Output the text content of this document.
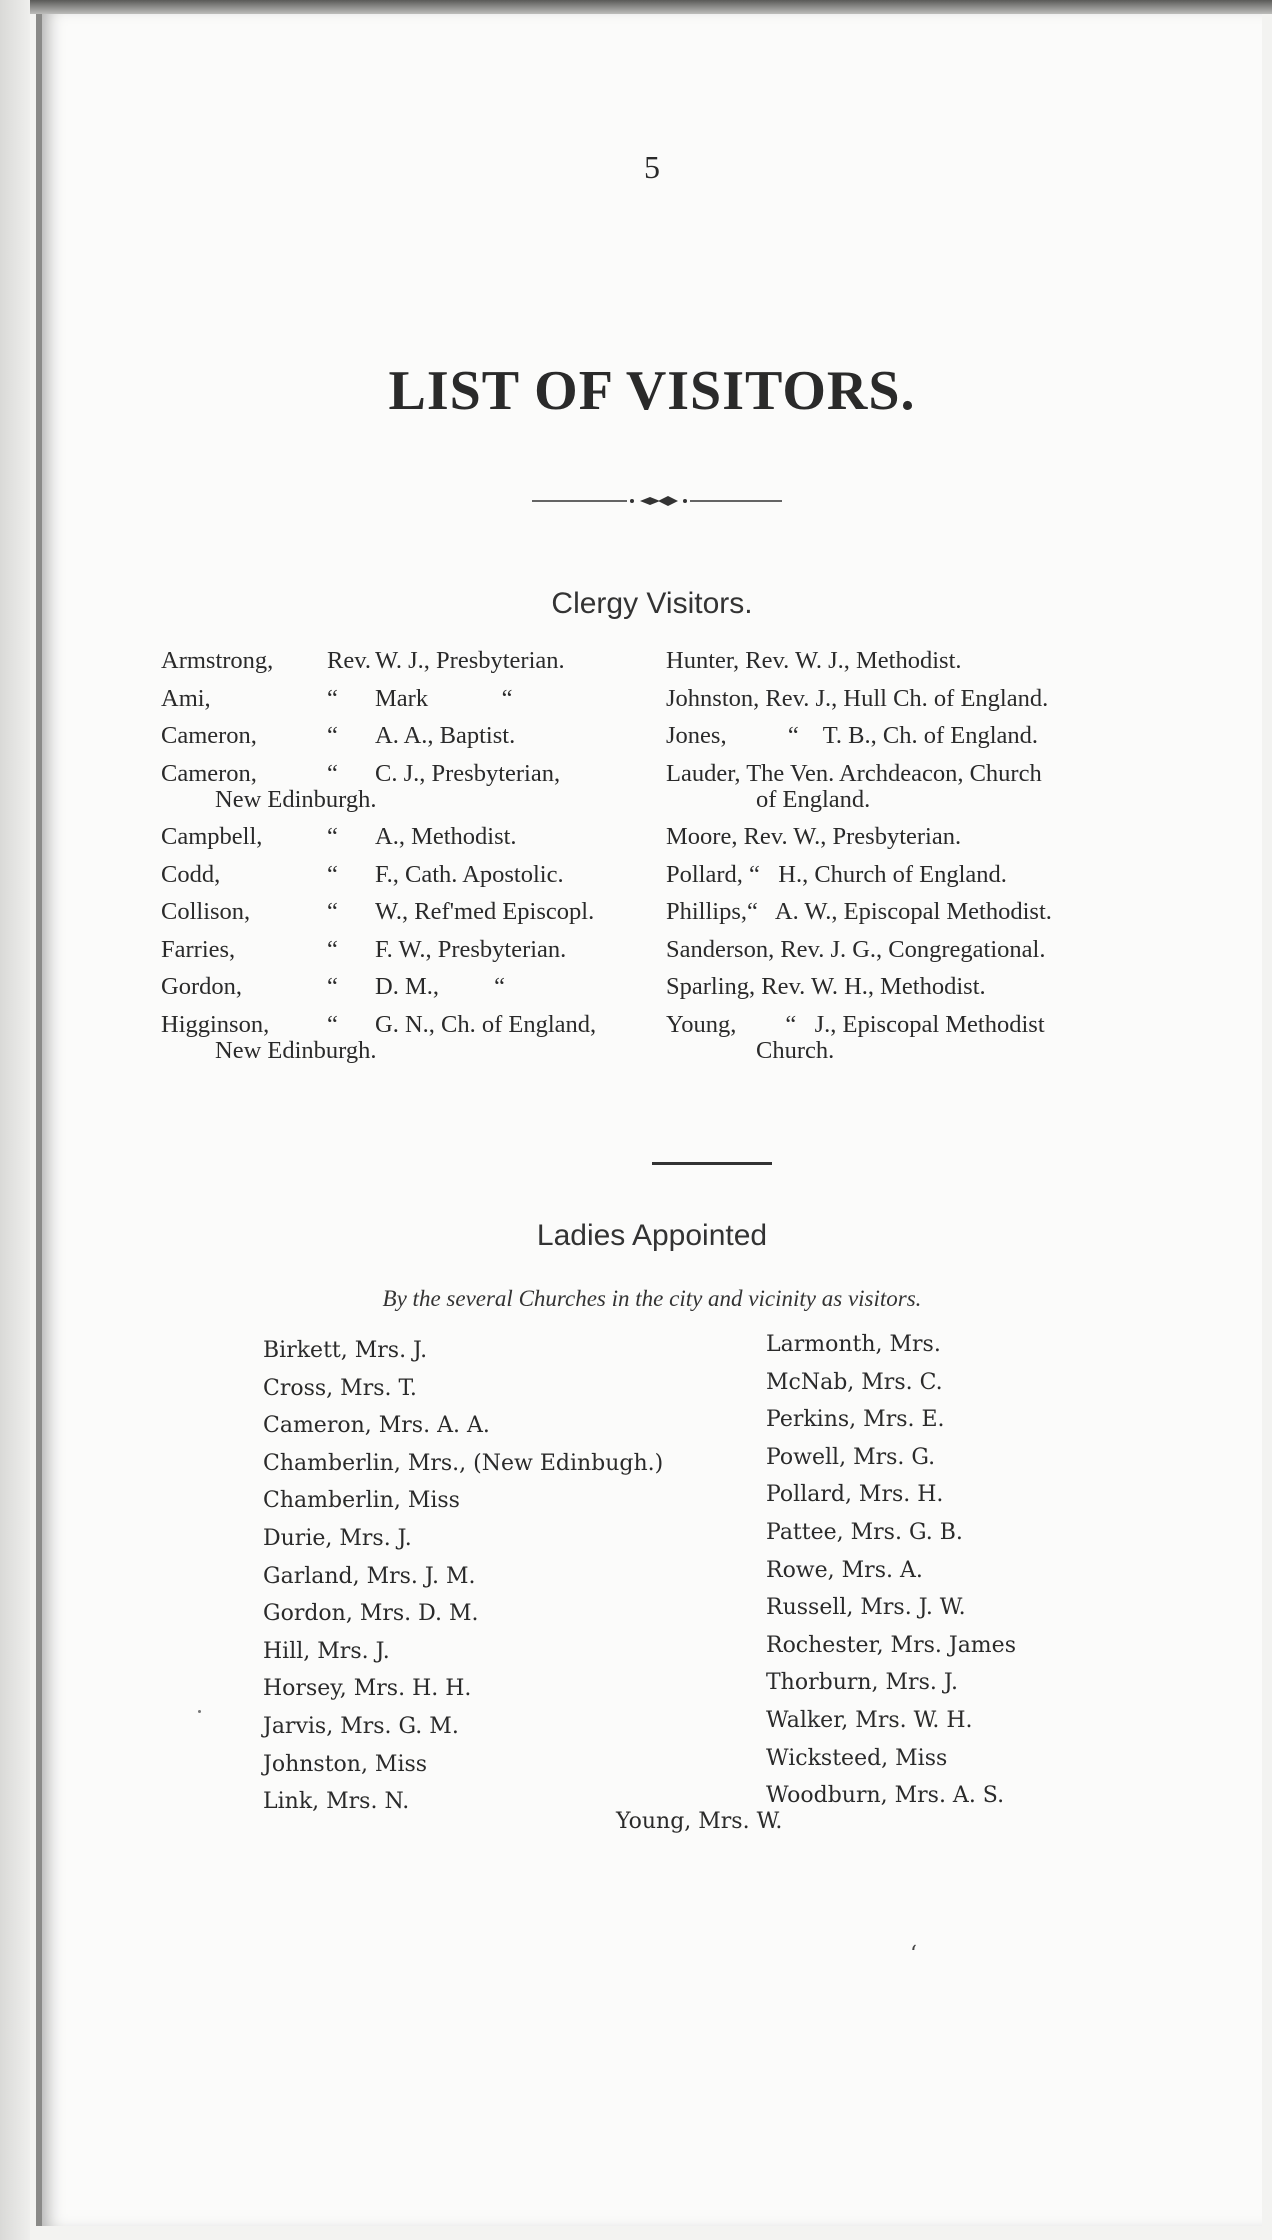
5
LIST OF VISITORS.
Clergy Visitors.
Armstrong,	Rev. W. J., Presbyterian.
Ami,	“	Mark            “
Cameron,	“	A. A., Baptist.
Cameron,	“	C. J., Presbyterian,
New Edinburgh.
Campbell,	“	A., Methodist.
Codd,	“	F., Cath. Apostolic.
Collison,	“	W., Ref'med Episcopl.
Farries,	“	F. W., Presbyterian.
Gordon,	“	D. M.,         “
Higginson,	“	G. N., Ch. of England,
New Edinburgh.
Hunter, Rev. W. J., Methodist.
Johnston, Rev. J., Hull Ch. of England.
Jones,          “    T. B., Ch. of England.
Lauder, The Ven. Archdeacon, Church
of England.
Moore, Rev. W., Presbyterian.
Pollard, “   H., Church of England.
Phillips,“   A. W., Episcopal Methodist.
Sanderson, Rev. J. G., Congregational.
Sparling, Rev. W. H., Methodist.
Young,        “   J., Episcopal Methodist
Church.
Ladies Appointed
By the several Churches in the city and vicinity as visitors.
Birkett, Mrs. J.
Cross, Mrs. T.
Cameron, Mrs. A. A.
Chamberlin, Mrs., (New Edinbugh.)
Chamberlin, Miss
Durie, Mrs. J.
Garland, Mrs. J. M.
Gordon, Mrs. D. M.
Hill, Mrs. J.
Horsey, Mrs. H. H.
Jarvis, Mrs. G. M.
Johnston, Miss
Link, Mrs. N.
Larmonth, Mrs.
McNab, Mrs. C.
Perkins, Mrs. E.
Powell, Mrs. G.
Pollard, Mrs. H.
Pattee, Mrs. G. B.
Rowe, Mrs. A.
Russell, Mrs. J. W.
Rochester, Mrs. James
Thorburn, Mrs. J.
Walker, Mrs. W. H.
Wicksteed, Miss
Woodburn, Mrs. A. S.
Young, Mrs. W.
‘
